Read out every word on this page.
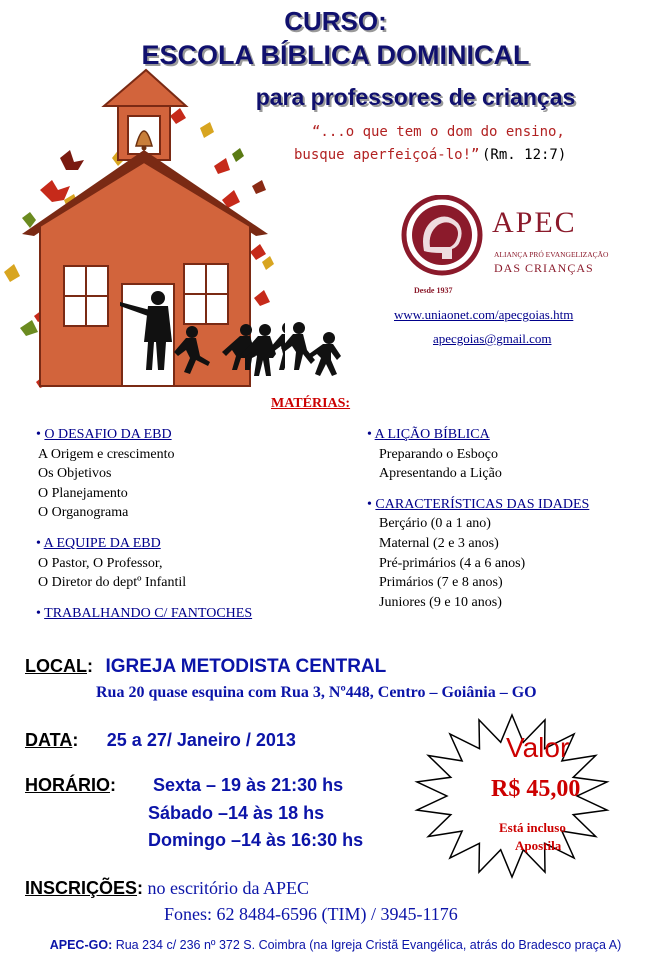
CURSO:
ESCOLA BÍBLICA DOMINICAL
para professores de crianças
“...o que tem o dom do ensino,
busque aperfeiçoá-lo!” (Rm. 12:7)
APEC
ALIANÇA PRÓ EVANGELIZAÇÃO
DAS CRIANÇAS
Desde 1937
www.uniaonet.com/apecgoias.htm
apecgoias@gmail.com
MATÉRIAS:
• O DESAFIO DA EBD
A Origem e crescimento
Os Objetivos
O Planejamento
O Organograma
• A EQUIPE DA EBD
O Pastor, O Professor,
O Diretor do deptº Infantil
• TRABALHANDO C/ FANTOCHES
• A LIÇÃO BÍBLICA
Preparando o Esboço
Apresentando a Lição
• CARACTERÍSTICAS DAS IDADES
Berçário (0 a 1 ano)
Maternal (2 e 3 anos)
Pré-primários (4 a 6 anos)
Primários (7 e 8 anos)
Juniores (9 e 10 anos)
LOCAL: IGREJA METODISTA CENTRAL
Rua 20 quase esquina com Rua 3, Nº448, Centro – Goiânia – GO
DATA: 25 a 27/ Janeiro / 2013
HORÁRIO: Sexta – 19 às 21:30 hs
Sábado –14 às 18 hs
Domingo –14 às 16:30 hs
Valor
R$ 45,00
Está incluso
Apostila
INSCRIÇÕES: no escritório da APEC
Fones: 62 8484-6596 (TIM) / 3945-1176
APEC-GO: Rua 234 c/ 236 nº 372 S. Coimbra (na Igreja Cristã Evangélica, atrás do Bradesco praça A)
